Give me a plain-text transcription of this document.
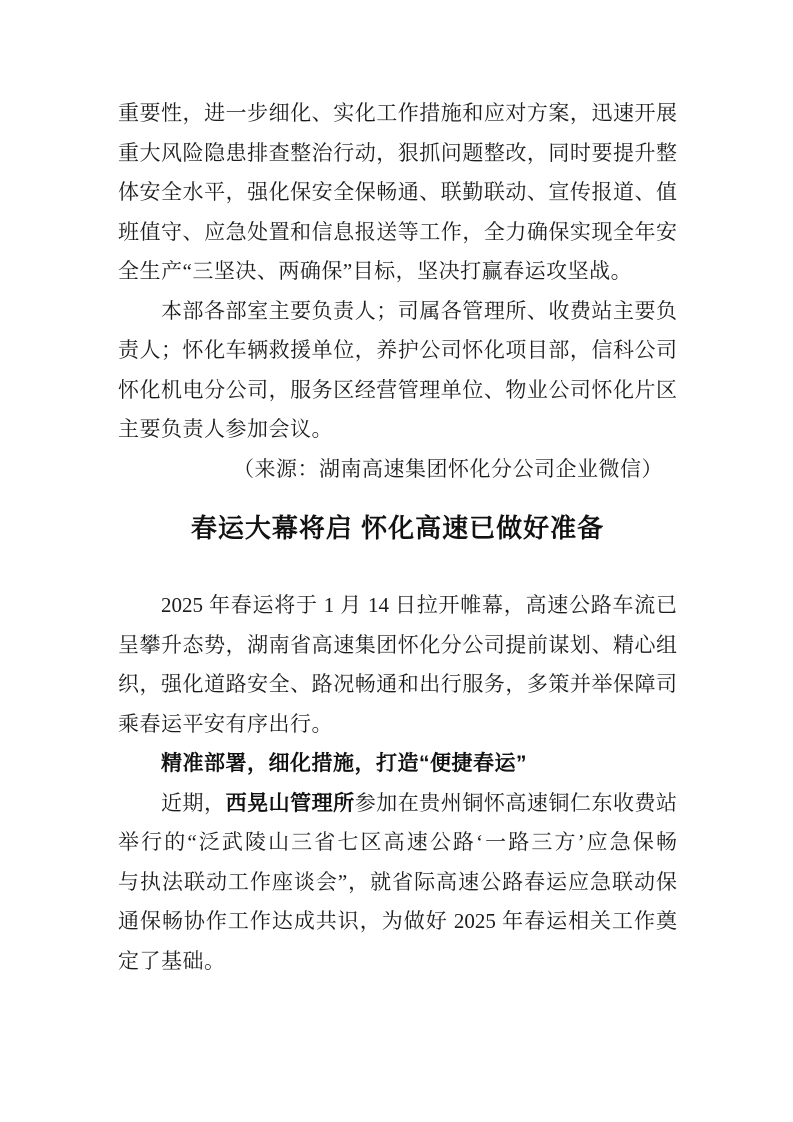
重要性，进一步细化、实化工作措施和应对方案，迅速开展
重大风险隐患排查整治行动，狠抓问题整改，同时要提升整
体安全水平，强化保安全保畅通、联勤联动、宣传报道、值
班值守、应急处置和信息报送等工作，全力确保实现全年安
全生产“三坚决、两确保”目标，坚决打赢春运攻坚战。
本部各部室主要负责人；司属各管理所、收费站主要负
责人；怀化车辆救援单位，养护公司怀化项目部，信科公司
怀化机电分公司，服务区经营管理单位、物业公司怀化片区
主要负责人参加会议。
（来源：湖南高速集团怀化分公司企业微信）
春运大幕将启 怀化高速已做好准备
2025 年春运将于 1 月 14 日拉开帷幕，高速公路车流已
呈攀升态势，湖南省高速集团怀化分公司提前谋划、精心组
织，强化道路安全、路况畅通和出行服务，多策并举保障司
乘春运平安有序出行。
精准部署，细化措施，打造“便捷春运”
近期，西晃山管理所参加在贵州铜怀高速铜仁东收费站
举行的“泛武陵山三省七区高速公路‘一路三方’应急保畅
与执法联动工作座谈会”，就省际高速公路春运应急联动保
通保畅协作工作达成共识，为做好 2025 年春运相关工作奠
定了基础。
